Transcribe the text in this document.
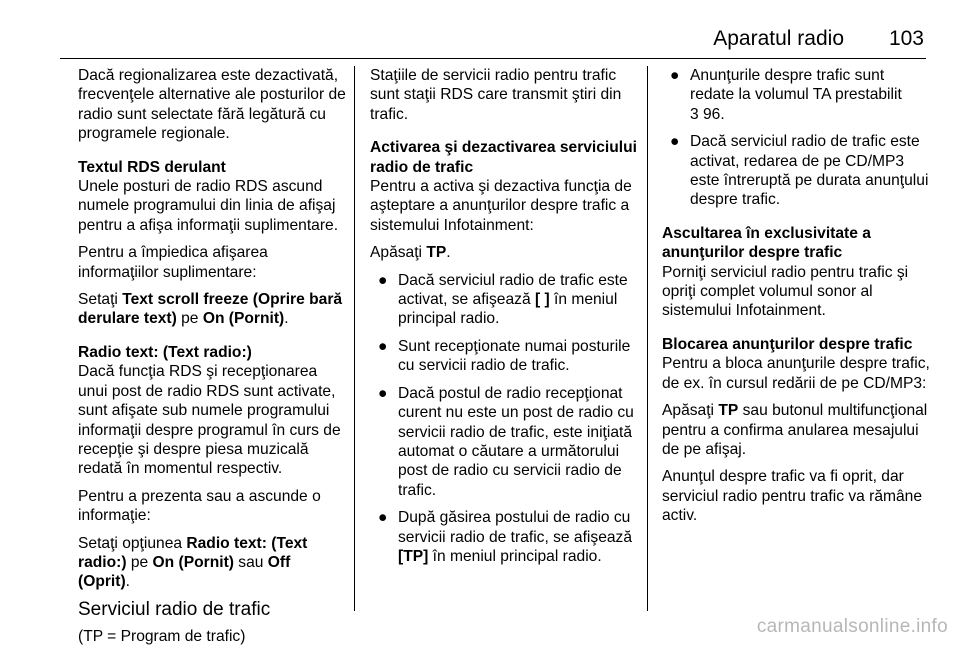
Aparatul radio 103

Dacă regionalizarea este dezactivată, frecvenţele alternative ale posturilor de radio sunt selectate fără legătură cu programele regionale.

Textul RDS derulant

Unele posturi de radio RDS ascund numele programului din linia de afişaj pentru a afişa informaţii suplimentare.

Pentru a împiedica afişarea informaţiilor suplimentare:

Setaţi Text scroll freeze (Oprire bară derulare text) pe On (Pornit).

Radio text: (Text radio:)

Dacă funcţia RDS şi recepţionarea unui post de radio RDS sunt activate, sunt afişate sub numele programului informaţii despre programul în curs de recepţie şi despre piesa muzicală redată în momentul respectiv.

Pentru a prezenta sau a ascunde o informaţie:

Setaţi opţiunea Radio text: (Text radio:) pe On (Pornit) sau Off (Oprit).

Serviciul radio de trafic

(TP = Program de trafic)

Staţiile de servicii radio pentru trafic sunt staţii RDS care transmit ştiri din trafic.

Activarea şi dezactivarea serviciului radio de trafic

Pentru a activa şi dezactiva funcţia de aşteptare a anunţurilor despre trafic a sistemului Infotainment:

Apăsaţi TP.

● Dacă serviciul radio de trafic este activat, se afişează [ ] în meniul principal radio.
● Sunt recepţionate numai posturile cu servicii radio de trafic.
● Dacă postul de radio recepţionat curent nu este un post de radio cu servicii radio de trafic, este iniţiată automat o căutare a următorului post de radio cu servicii radio de trafic.
● După găsirea postului de radio cu servicii radio de trafic, se afişează [TP] în meniul principal radio.
● Anunţurile despre trafic sunt redate la volumul TA prestabilit
3 96.
● Dacă serviciul radio de trafic este activat, redarea de pe CD/MP3 este întreruptă pe durata anunţului despre trafic.

Ascultarea în exclusivitate a anunţurilor despre trafic

Porniţi serviciul radio pentru trafic şi opriţi complet volumul sonor al sistemului Infotainment.

Blocarea anunţurilor despre trafic

Pentru a bloca anunţurile despre trafic, de ex. în cursul redării de pe CD/MP3:

Apăsaţi TP sau butonul multifuncţional pentru a confirma anularea mesajului de pe afişaj.

Anunţul despre trafic va fi oprit, dar serviciul radio pentru trafic va rămâne activ.

carmanualsonline.info
